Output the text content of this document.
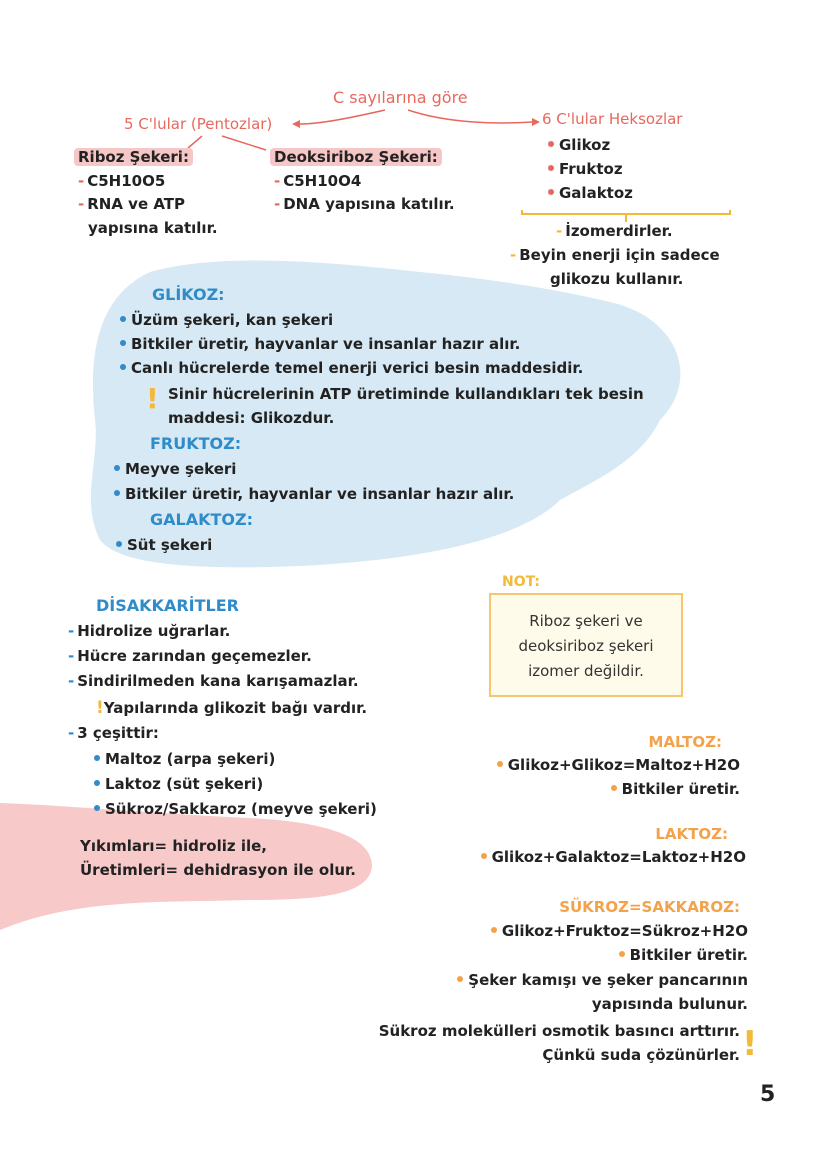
C sayılarına göre
5 C'lular (Pentozlar)	6 C'lular Heksozlar
Riboz Şekeri:
- C5H10O5
- RNA ve ATP
yapısına katılır.
Deoksiriboz Şekeri:
- C5H10O4
- DNA yapısına katılır.
Glikoz
Fruktoz
Galaktoz
- İzomerdirler.
- Beyin enerji için sadece
glikozu kullanır.
GLİKOZ:
Üzüm şekeri, kan şekeri
Bitkiler üretir, hayvanlar ve insanlar hazır alır.
Canlı hücrelerde temel enerji verici besin maddesidir.
! Sinir hücrelerinin ATP üretiminde kullandıkları tek besin
maddesi: Glikozdur.
FRUKTOZ:
Meyve şekeri
Bitkiler üretir, hayvanlar ve insanlar hazır alır.
GALAKTOZ:
Süt şekeri
DİSAKKARİTLER
- Hidrolize uğrarlar.
- Hücre zarından geçemezler.
- Sindirilmeden kana karışamazlar.
!Yapılarında glikozit bağı vardır.
- 3 çeşittir:
Maltoz (arpa şekeri)
Laktoz (süt şekeri)
Sükroz/Sakkaroz (meyve şekeri)
Yıkımları= hidroliz ile,
Üretimleri= dehidrasyon ile olur.
NOT:
Riboz şekeri ve
deoksiriboz şekeri
izomer değildir.
MALTOZ:
Glikoz+Glikoz=Maltoz+H2O
Bitkiler üretir.
LAKTOZ:
Glikoz+Galaktoz=Laktoz+H2O
SÜKROZ=SAKKAROZ:
Glikoz+Fruktoz=Sükroz+H2O
Bitkiler üretir.
Şeker kamışı ve şeker pancarının
yapısında bulunur.
Sükroz molekülleri osmotik basıncı arttırır.
Çünkü suda çözünürler. !
5
